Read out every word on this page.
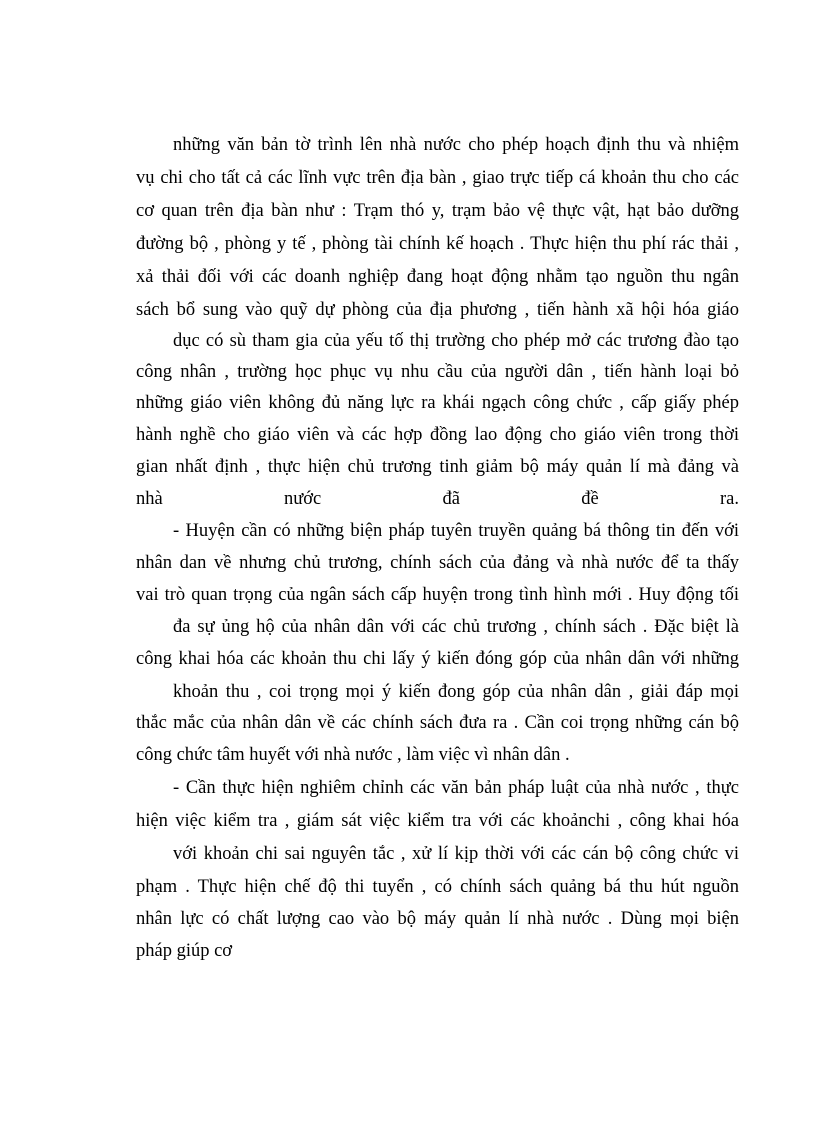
những văn bản tờ trình lên nhà nước cho phép hoạch định thu và nhiệm
vụ chi cho tất cả các lĩnh vực trên địa bàn , giao trực tiếp cá khoản thu cho các
cơ quan trên địa bàn như : Trạm thó y, trạm bảo vệ thực vật, hạt bảo dưỡng
đường bộ , phòng y tế , phòng tài chính kế hoạch . Thực hiện thu phí rác thải ,
xả thải đối với các doanh nghiệp đang hoạt động nhằm tạo nguồn thu ngân
sách bổ sung vào quỹ dự phòng của địa phương , tiến hành xã hội hóa giáo
dục có sù tham gia của yếu tố thị trường cho phép mở các trương đào tạo
công nhân , trường học phục vụ nhu cầu của người dân , tiến hành loại bỏ
những giáo viên không đủ năng lực ra khái ngạch công chức , cấp giấy phép
hành nghề cho giáo viên và các hợp đồng lao động cho giáo viên trong thời
gian nhất định , thực hiện chủ trương tinh giảm bộ máy quản lí mà đảng và
nhà nước đã đề ra.
- Huyện cần có những biện pháp tuyên truyền quảng bá thông tin đến với
nhân dan về nhưng chủ trương, chính sách của đảng và nhà nước để ta thấy
vai trò quan trọng của ngân sách cấp huyện trong tình hình mới . Huy động tối
đa sự ủng hộ của nhân dân với các chủ trương , chính sách . Đặc biệt là
công khai hóa các khoản thu chi lấy ý kiến đóng góp của nhân dân với những
khoản thu , coi trọng mọi ý kiến đong góp của nhân dân , giải đáp mọi
thắc mắc của nhân dân về các chính sách đưa ra . Cần coi trọng những cán bộ
công chức tâm huyết với nhà nước , làm việc vì nhân dân .
- Cần thực hiện nghiêm chỉnh các văn bản pháp luật của nhà nước , thực
hiện việc kiểm tra , giám sát việc kiểm tra với các khoảnchi , công khai hóa
với khoản chi sai nguyên tắc , xử lí kịp thời với các cán bộ công chức vi
phạm . Thực hiện chế độ thi tuyển , có chính sách quảng bá thu hút nguồn
nhân lực có chất lượng cao vào bộ máy quản lí nhà nước . Dùng mọi biện
pháp giúp cơ
